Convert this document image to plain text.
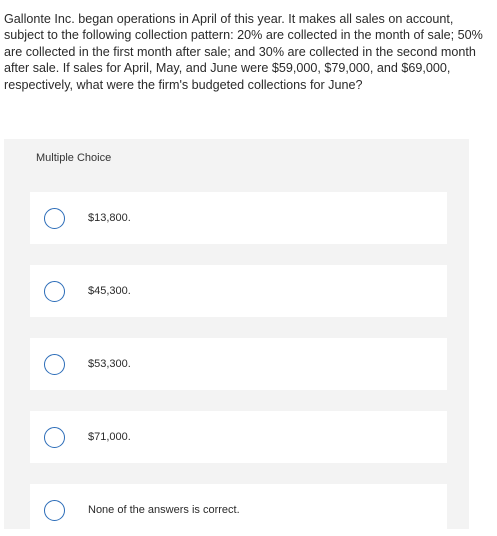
Gallonte Inc. began operations in April of this year. It makes all sales on account, subject to the following collection pattern: 20% are collected in the month of sale; 50% are collected in the first month after sale; and 30% are collected in the second month after sale. If sales for April, May, and June were $59,000, $79,000, and $69,000, respectively, what were the firm's budgeted collections for June?

Multiple Choice
$13,800.
$45,300.
$53,300.
$71,000.
None of the answers is correct.
